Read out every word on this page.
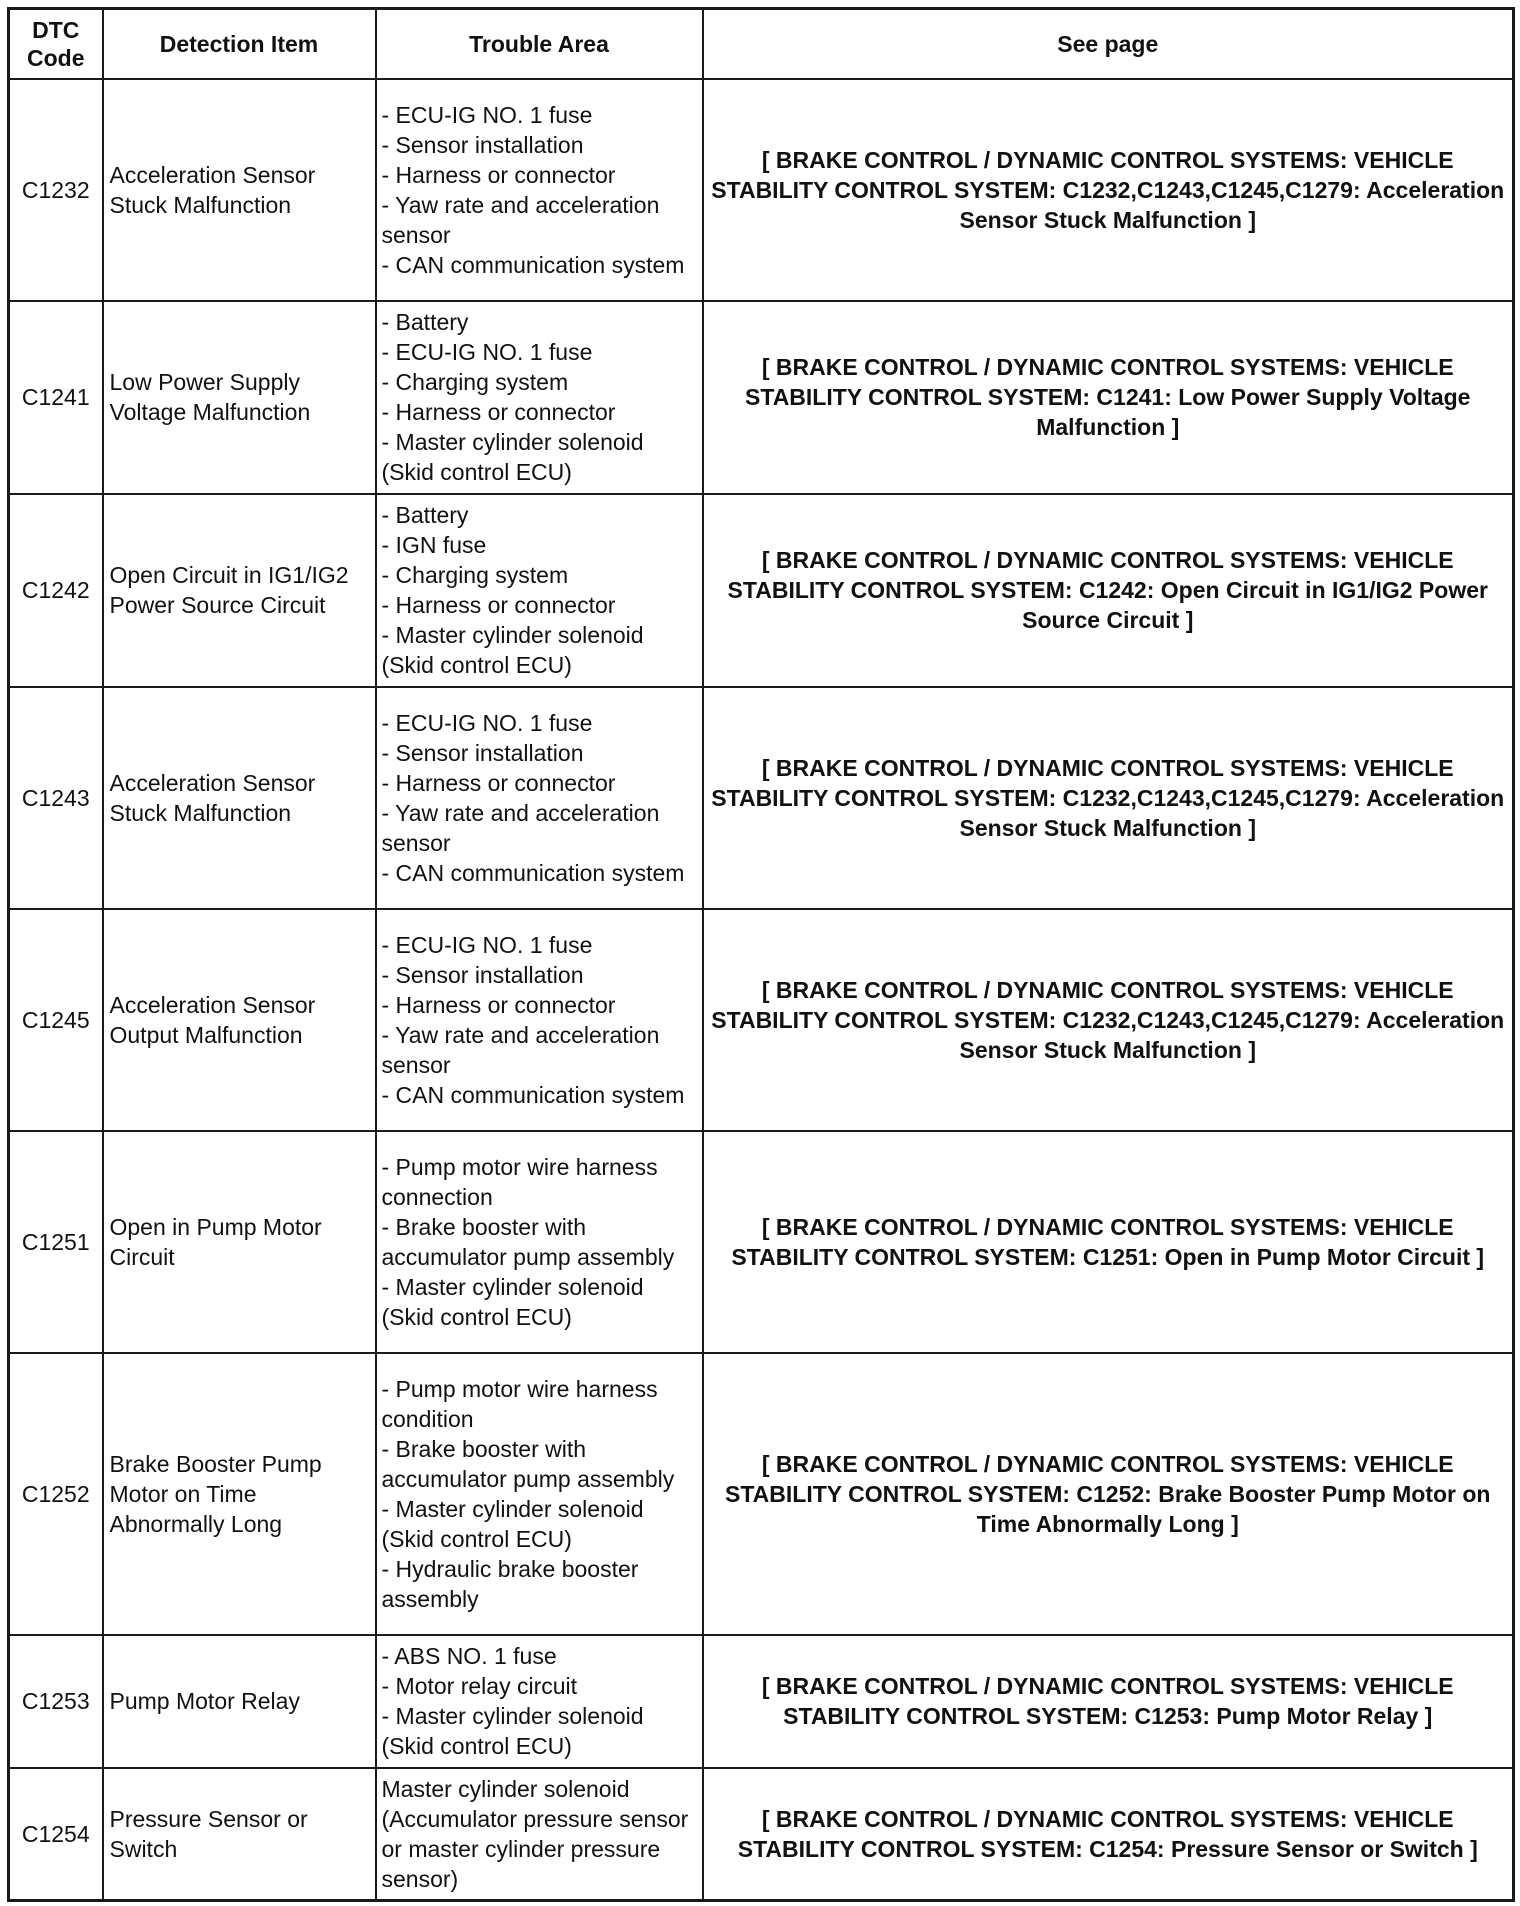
DTC Code	Detection Item	Trouble Area	See page
C1232	Acceleration Sensor Stuck Malfunction	- ECU-IG NO. 1 fuse
- Sensor installation
- Harness or connector
- Yaw rate and acceleration sensor
- CAN communication system	[ BRAKE CONTROL / DYNAMIC CONTROL SYSTEMS: VEHICLE STABILITY CONTROL SYSTEM: C1232,C1243,C1245,C1279: Acceleration Sensor Stuck Malfunction ]
C1241	Low Power Supply Voltage Malfunction	- Battery
- ECU-IG NO. 1 fuse
- Charging system
- Harness or connector
- Master cylinder solenoid (Skid control ECU)	[ BRAKE CONTROL / DYNAMIC CONTROL SYSTEMS: VEHICLE STABILITY CONTROL SYSTEM: C1241: Low Power Supply Voltage Malfunction ]
C1242	Open Circuit in IG1/IG2 Power Source Circuit	- Battery
- IGN fuse
- Charging system
- Harness or connector
- Master cylinder solenoid (Skid control ECU)	[ BRAKE CONTROL / DYNAMIC CONTROL SYSTEMS: VEHICLE STABILITY CONTROL SYSTEM: C1242: Open Circuit in IG1/IG2 Power Source Circuit ]
C1243	Acceleration Sensor Stuck Malfunction	- ECU-IG NO. 1 fuse
- Sensor installation
- Harness or connector
- Yaw rate and acceleration sensor
- CAN communication system	[ BRAKE CONTROL / DYNAMIC CONTROL SYSTEMS: VEHICLE STABILITY CONTROL SYSTEM: C1232,C1243,C1245,C1279: Acceleration Sensor Stuck Malfunction ]
C1245	Acceleration Sensor Output Malfunction	- ECU-IG NO. 1 fuse
- Sensor installation
- Harness or connector
- Yaw rate and acceleration sensor
- CAN communication system	[ BRAKE CONTROL / DYNAMIC CONTROL SYSTEMS: VEHICLE STABILITY CONTROL SYSTEM: C1232,C1243,C1245,C1279: Acceleration Sensor Stuck Malfunction ]
C1251	Open in Pump Motor Circuit	- Pump motor wire harness connection
- Brake booster with accumulator pump assembly
- Master cylinder solenoid (Skid control ECU)	[ BRAKE CONTROL / DYNAMIC CONTROL SYSTEMS: VEHICLE STABILITY CONTROL SYSTEM: C1251: Open in Pump Motor Circuit ]
C1252	Brake Booster Pump Motor on Time Abnormally Long	- Pump motor wire harness condition
- Brake booster with accumulator pump assembly
- Master cylinder solenoid (Skid control ECU)
- Hydraulic brake booster assembly	[ BRAKE CONTROL / DYNAMIC CONTROL SYSTEMS: VEHICLE STABILITY CONTROL SYSTEM: C1252: Brake Booster Pump Motor on Time Abnormally Long ]
C1253	Pump Motor Relay	- ABS NO. 1 fuse
- Motor relay circuit
- Master cylinder solenoid (Skid control ECU)	[ BRAKE CONTROL / DYNAMIC CONTROL SYSTEMS: VEHICLE STABILITY CONTROL SYSTEM: C1253: Pump Motor Relay ]
C1254	Pressure Sensor or Switch	Master cylinder solenoid (Accumulator pressure sensor or master cylinder pressure sensor)	[ BRAKE CONTROL / DYNAMIC CONTROL SYSTEMS: VEHICLE STABILITY CONTROL SYSTEM: C1254: Pressure Sensor or Switch ]
